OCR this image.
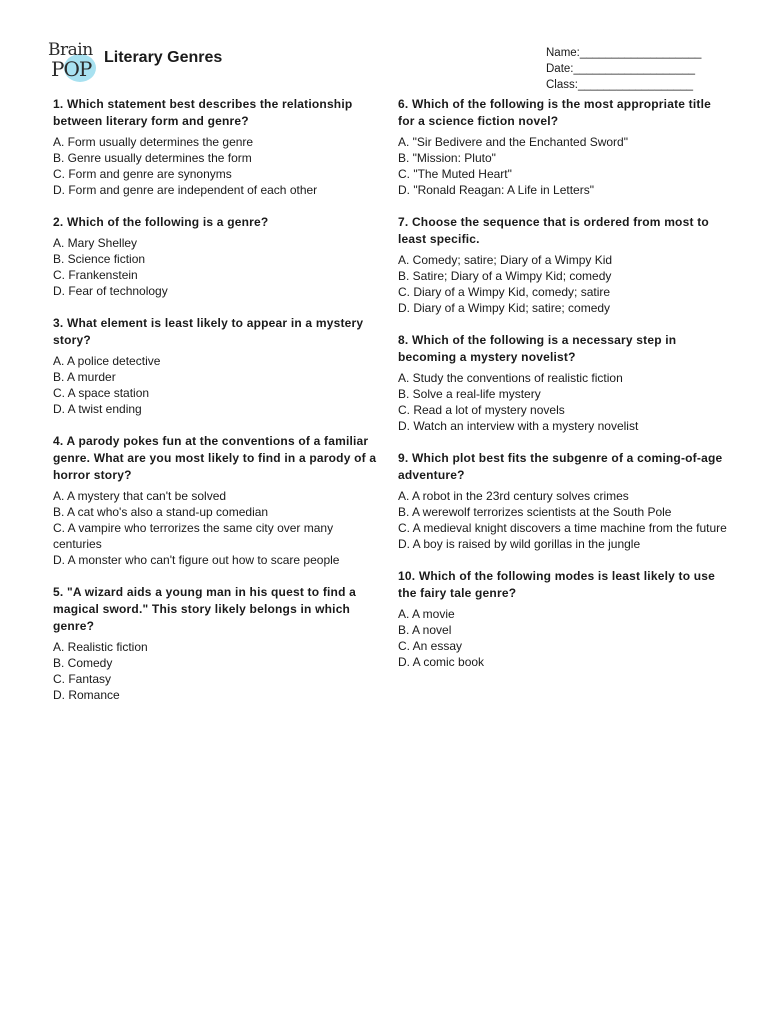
Brain
POP Literary Genres	Name:___________________
Date:___________________
Class:__________________
1. Which statement best describes the relationship between literary form and genre?
A. Form usually determines the genre
B. Genre usually determines the form
C. Form and genre are synonyms
D. Form and genre are independent of each other
2. Which of the following is a genre?
A. Mary Shelley
B. Science fiction
C. Frankenstein
D. Fear of technology
3. What element is least likely to appear in a mystery story?
A. A police detective
B. A murder
C. A space station
D. A twist ending
4. A parody pokes fun at the conventions of a familiar genre. What are you most likely to find in a parody of a horror story?
A. A mystery that can't be solved
B. A cat who's also a stand-up comedian
C. A vampire who terrorizes the same city over many centuries
D. A monster who can't figure out how to scare people
5. "A wizard aids a young man in his quest to find a magical sword." This story likely belongs in which genre?
A. Realistic fiction
B. Comedy
C. Fantasy
D. Romance
6. Which of the following is the most appropriate title for a science fiction novel?
A. "Sir Bedivere and the Enchanted Sword"
B. "Mission: Pluto"
C. "The Muted Heart"
D. "Ronald Reagan: A Life in Letters"
7. Choose the sequence that is ordered from most to least specific.
A. Comedy; satire; Diary of a Wimpy Kid
B. Satire; Diary of a Wimpy Kid; comedy
C. Diary of a Wimpy Kid, comedy; satire
D. Diary of a Wimpy Kid; satire; comedy
8. Which of the following is a necessary step in becoming a mystery novelist?
A. Study the conventions of realistic fiction
B. Solve a real-life mystery
C. Read a lot of mystery novels
D. Watch an interview with a mystery novelist
9. Which plot best fits the subgenre of a coming-of-age adventure?
A. A robot in the 23rd century solves crimes
B. A werewolf terrorizes scientists at the South Pole
C. A medieval knight discovers a time machine from the future
D. A boy is raised by wild gorillas in the jungle
10. Which of the following modes is least likely to use the fairy tale genre?
A. A movie
B. A novel
C. An essay
D. A comic book
